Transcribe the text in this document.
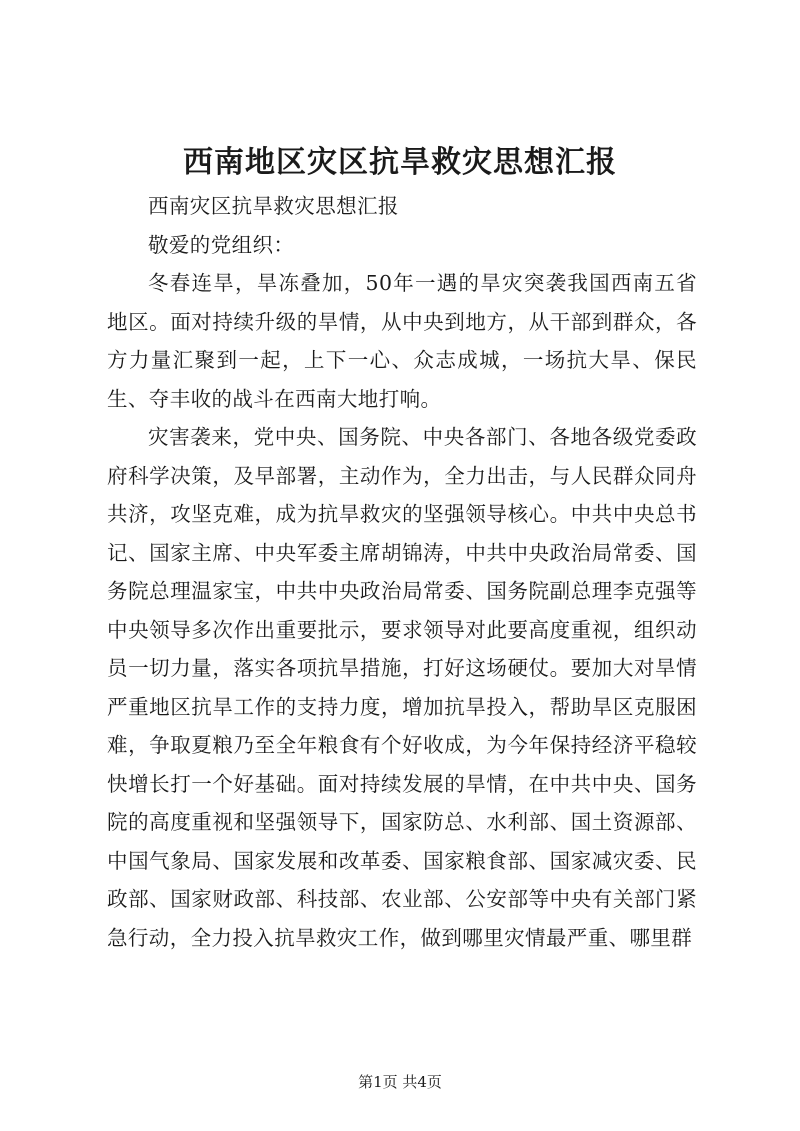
西南地区灾区抗旱救灾思想汇报

西南灾区抗旱救灾思想汇报

敬爱的党组织：

冬春连旱，旱冻叠加，50年一遇的旱灾突袭我国西南五省地区。面对持续升级的旱情，从中央到地方，从干部到群众，各方力量汇聚到一起，上下一心、众志成城，一场抗大旱、保民生、夺丰收的战斗在西南大地打响。

灾害袭来，党中央、国务院、中央各部门、各地各级党委政府科学决策，及早部署，主动作为，全力出击，与人民群众同舟共济，攻坚克难，成为抗旱救灾的坚强领导核心。中共中央总书记、国家主席、中央军委主席胡锦涛，中共中央政治局常委、国务院总理温家宝，中共中央政治局常委、国务院副总理李克强等中央领导多次作出重要批示，要求领导对此要高度重视，组织动员一切力量，落实各项抗旱措施，打好这场硬仗。要加大对旱情严重地区抗旱工作的支持力度，增加抗旱投入，帮助旱区克服困难，争取夏粮乃至全年粮食有个好收成，为今年保持经济平稳较快增长打一个好基础。面对持续发展的旱情，在中共中央、国务院的高度重视和坚强领导下，国家防总、水利部、国土资源部、中国气象局、国家发展和改革委、国家粮食部、国家减灾委、民政部、国家财政部、科技部、农业部、公安部等中央有关部门紧急行动，全力投入抗旱救灾工作，做到哪里灾情最严重、哪里群

第1页 共4页
